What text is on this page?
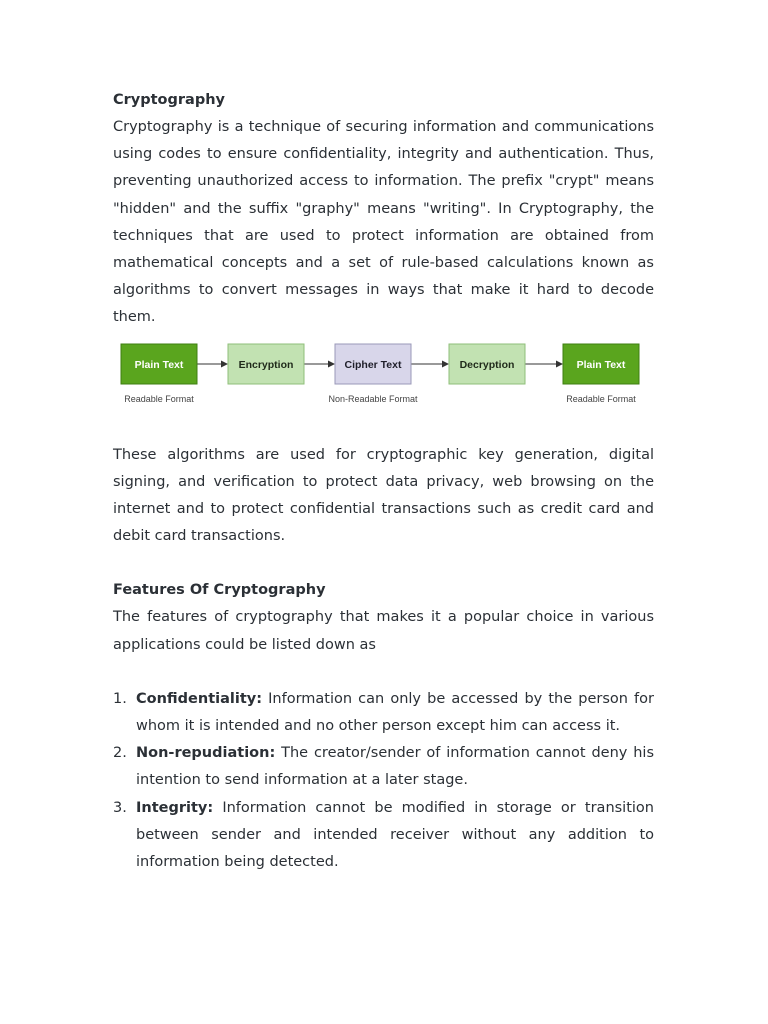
Cryptography

Cryptography is a technique of securing information and communications using codes to ensure confidentiality, integrity and authentication. Thus, preventing unauthorized access to information. The prefix "crypt" means "hidden" and the suffix "graphy" means "writing". In Cryptography, the techniques that are used to protect information are obtained from mathematical concepts and a set of rule-based calculations known as algorithms to convert messages in ways that make it hard to decode them.

Plain Text	Encryption	Cipher Text	Decryption	Plain Text
Readable Format	Non-Readable Format	Readable Format

These algorithms are used for cryptographic key generation, digital signing, and verification to protect data privacy, web browsing on the internet and to protect confidential transactions such as credit card and debit card transactions.

Features Of Cryptography

The features of cryptography that makes it a popular choice in various applications could be listed down as

1. Confidentiality: Information can only be accessed by the person for whom it is intended and no other person except him can access it.
2. Non-repudiation: The creator/sender of information cannot deny his intention to send information at a later stage.
3. Integrity: Information cannot be modified in storage or transition between sender and intended receiver without any addition to information being detected.
